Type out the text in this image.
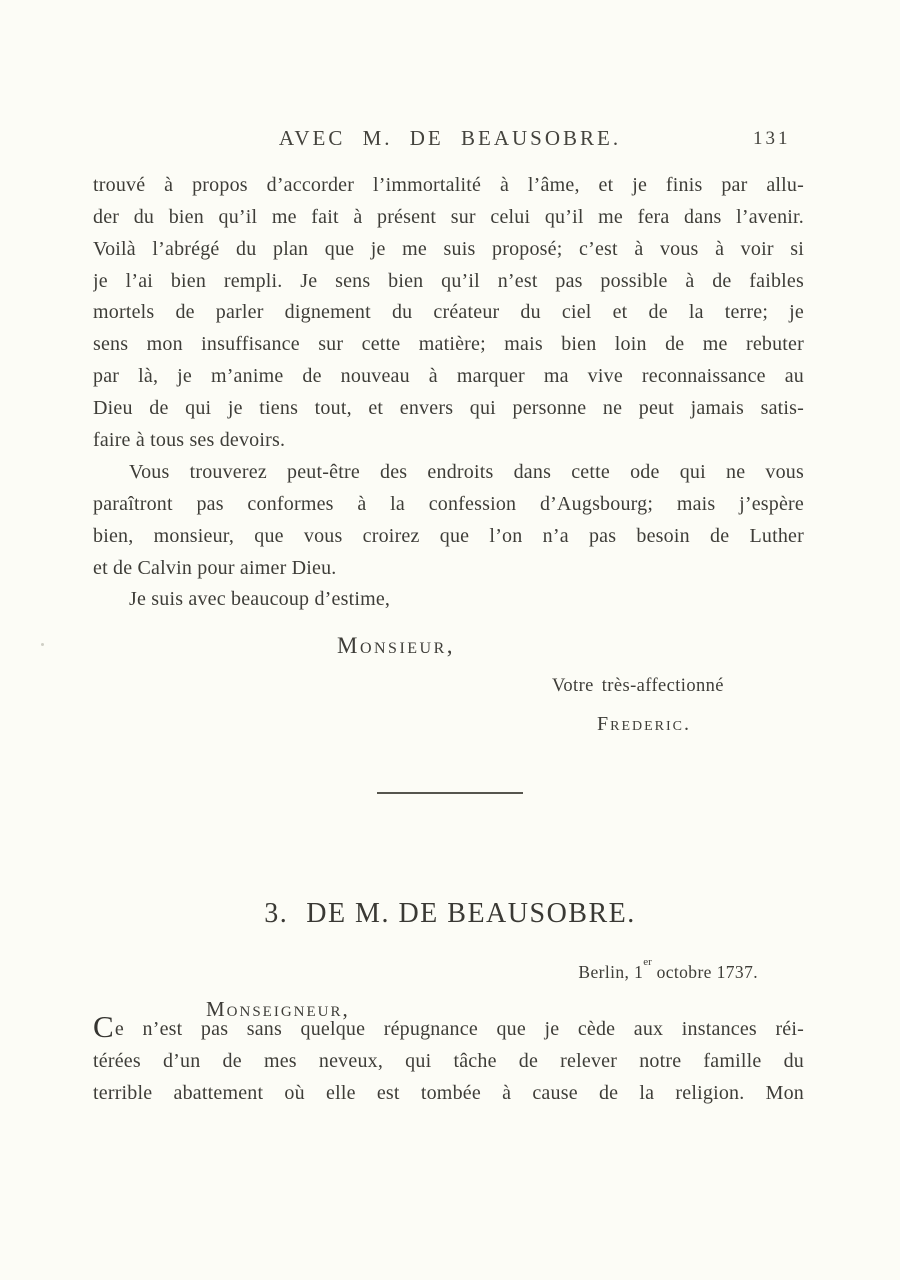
AVEC M. DE BEAUSOBRE.	131
trouvé à propos d’accorder l’immortalité à l’âme, et je finis par allu-
der du bien qu’il me fait à présent sur celui qu’il me fera dans l’avenir.
Voilà l’abrégé du plan que je me suis proposé; c’est à vous à voir si
je l’ai bien rempli. Je sens bien qu’il n’est pas possible à de faibles
mortels de parler dignement du créateur du ciel et de la terre; je
sens mon insuffisance sur cette matière; mais bien loin de me rebuter
par là, je m’anime de nouveau à marquer ma vive reconnaissance au
Dieu de qui je tiens tout, et envers qui personne ne peut jamais satis-
faire à tous ses devoirs.
Vous trouverez peut-être des endroits dans cette ode qui ne vous
paraîtront pas conformes à la confession d’Augsbourg; mais j’espère
bien, monsieur, que vous croirez que l’on n’a pas besoin de Luther
et de Calvin pour aimer Dieu.
Je suis avec beaucoup d’estime,
Monsieur,
Votre très-affectionné
Frederic.
3. DE M. DE BEAUSOBRE.
Berlin, 1er octobre 1737.
Monseigneur,
Ce n’est pas sans quelque répugnance que je cède aux instances réi-
térées d’un de mes neveux, qui tâche de relever notre famille du
terrible abattement où elle est tombée à cause de la religion. Mon
